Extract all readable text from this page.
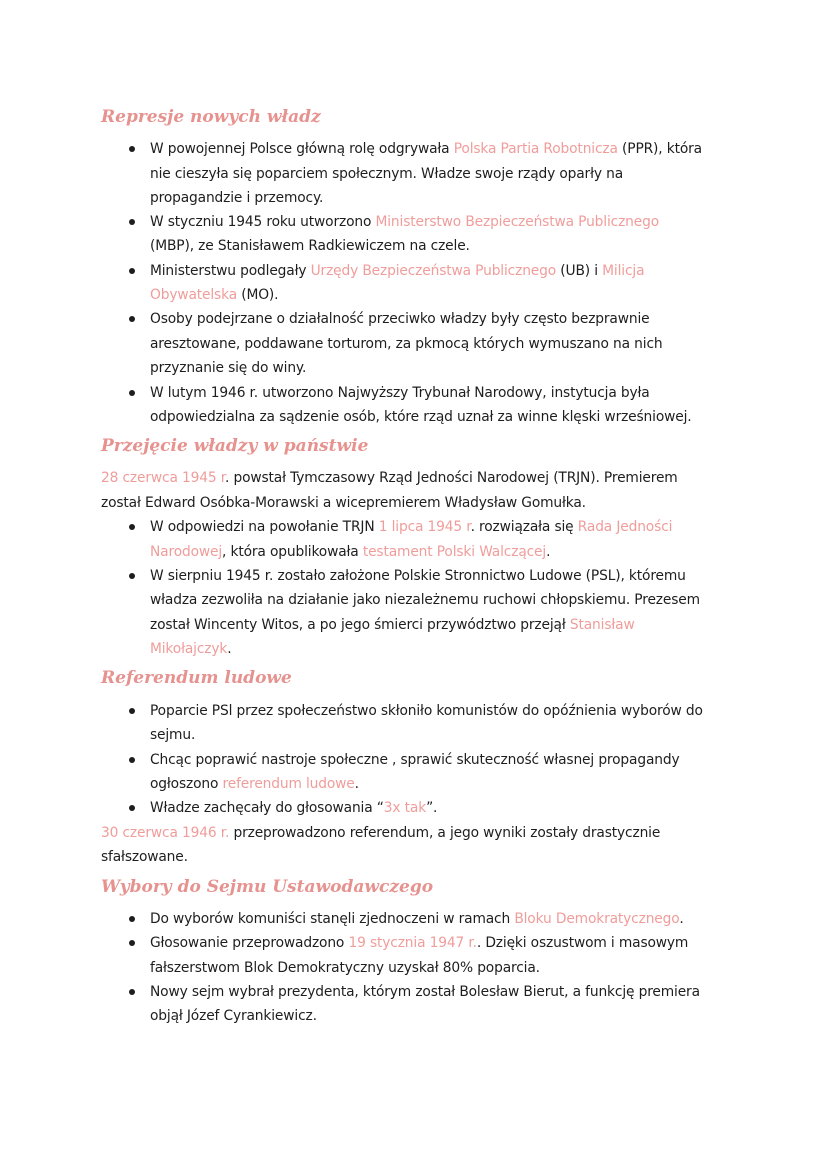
Represje nowych władz
W powojennej Polsce główną rolę odgrywała Polska Partia Robotnicza (PPR), która
nie cieszyła się poparciem społecznym. Władze swoje rządy oparły na
propagandzie i przemocy.
W styczniu 1945 roku utworzono Ministerstwo Bezpieczeństwa Publicznego
(MBP), ze Stanisławem Radkiewiczem na czele.
Ministerstwu podlegały Urzędy Bezpieczeństwa Publicznego (UB) i Milicja
Obywatelska (MO).
Osoby podejrzane o działalność przeciwko władzy były często bezprawnie
aresztowane, poddawane torturom, za pkmocą których wymuszano na nich
przyznanie się do winy.
W lutym 1946 r. utworzono Najwyższy Trybunał Narodowy, instytucja była
odpowiedzialna za sądzenie osób, które rząd uznał za winne klęski wrześniowej.
Przejęcie władzy w państwie
28 czerwca 1945 r. powstał Tymczasowy Rząd Jedności Narodowej (TRJN). Premierem
został Edward Osóbka-Morawski a wicepremierem Władysław Gomułka.
W odpowiedzi na powołanie TRJN 1 lipca 1945 r. rozwiązała się Rada Jedności
Narodowej, która opublikowała testament Polski Walczącej.
W sierpniu 1945 r. zostało założone Polskie Stronnictwo Ludowe (PSL), któremu
władza zezwoliła na działanie jako niezależnemu ruchowi chłopskiemu. Prezesem
został Wincenty Witos, a po jego śmierci przywództwo przejął Stanisław
Mikołajczyk.
Referendum ludowe
Poparcie PSl przez społeczeństwo skłoniło komunistów do opóźnienia wyborów do
sejmu.
Chcąc poprawić nastroje społeczne , sprawić skuteczność własnej propagandy
ogłoszono referendum ludowe.
Władze zachęcały do głosowania “3x tak”.
30 czerwca 1946 r. przeprowadzono referendum, a jego wyniki zostały drastycznie
sfałszowane.
Wybory do Sejmu Ustawodawczego
Do wyborów komuniści stanęli zjednoczeni w ramach Bloku Demokratycznego.
Głosowanie przeprowadzono 19 stycznia 1947 r.. Dzięki oszustwom i masowym
fałszerstwom Blok Demokratyczny uzyskał 80% poparcia.
Nowy sejm wybrał prezydenta, którym został Bolesław Bierut, a funkcję premiera
objął Józef Cyrankiewicz.
